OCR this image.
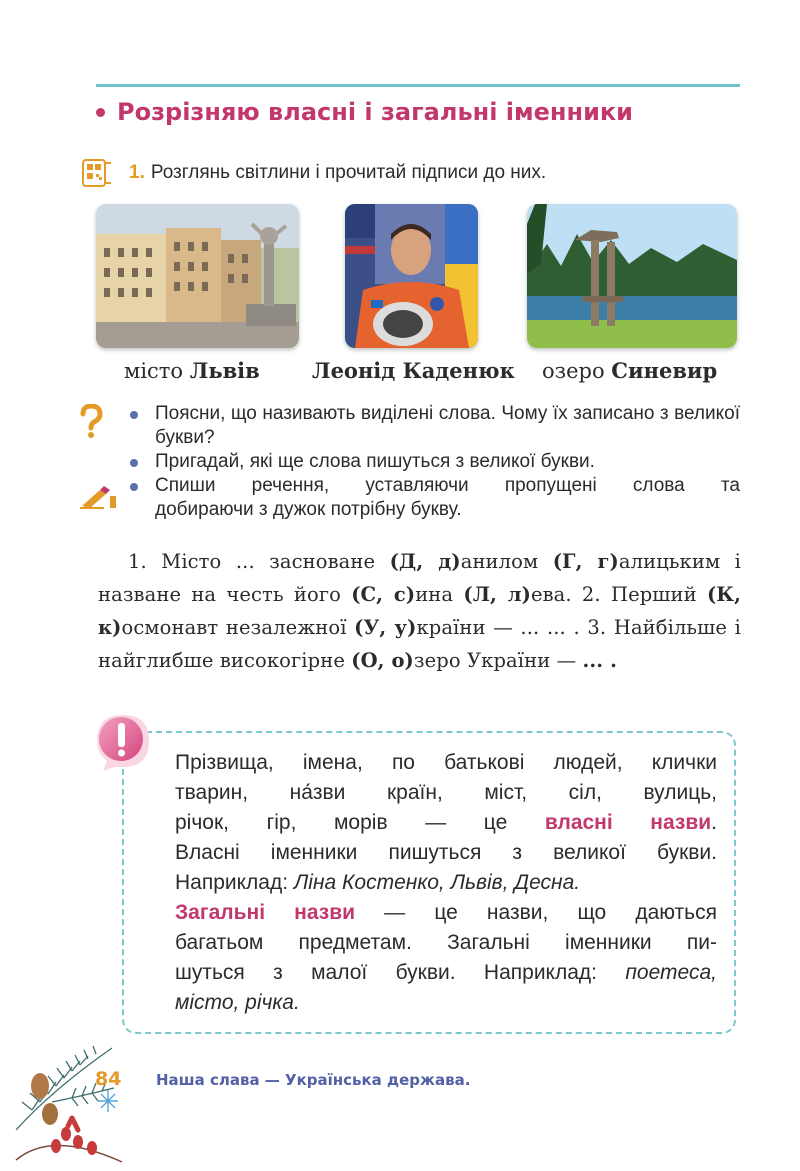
Розрізняю власні і загальні іменники
1. Розглянь світлини і прочитай підписи до них.
місто Львів Леонід Каденюк озеро Синевир
Поясни, що називають виділені слова. Чому їх записано з великої букви?
Пригадай, які ще слова пишуться з великої букви.
Спиши речення, уставляючи пропущені слова та
добираючи з дужок потрібну букву.

1. Місто ... засноване (Д, д)анилом (Г, г)алицьким і назване на честь його (С, с)ина (Л, л)ева. 2. Перший (К, к)осмонавт незалежної (У, у)країни — ... ... . 3. Найбільше і найглибше високогірне (О, о)зеро України — ... .

Прізвища, імена, по батькові людей, клички
тварин, на́зви країн, міст, сіл, вулиць,
річок, гір, морів — це власні назви.
Власні іменники пишуться з великої букви.
Наприклад: Ліна Костенко, Львів, Десна.
Загальні назви — це назви, що даються
багатьом предметам. Загальні іменники пи-
шуться з малої букви. Наприклад: поетеса,
місто, річка.
84 Наша слава — Українська держава.
